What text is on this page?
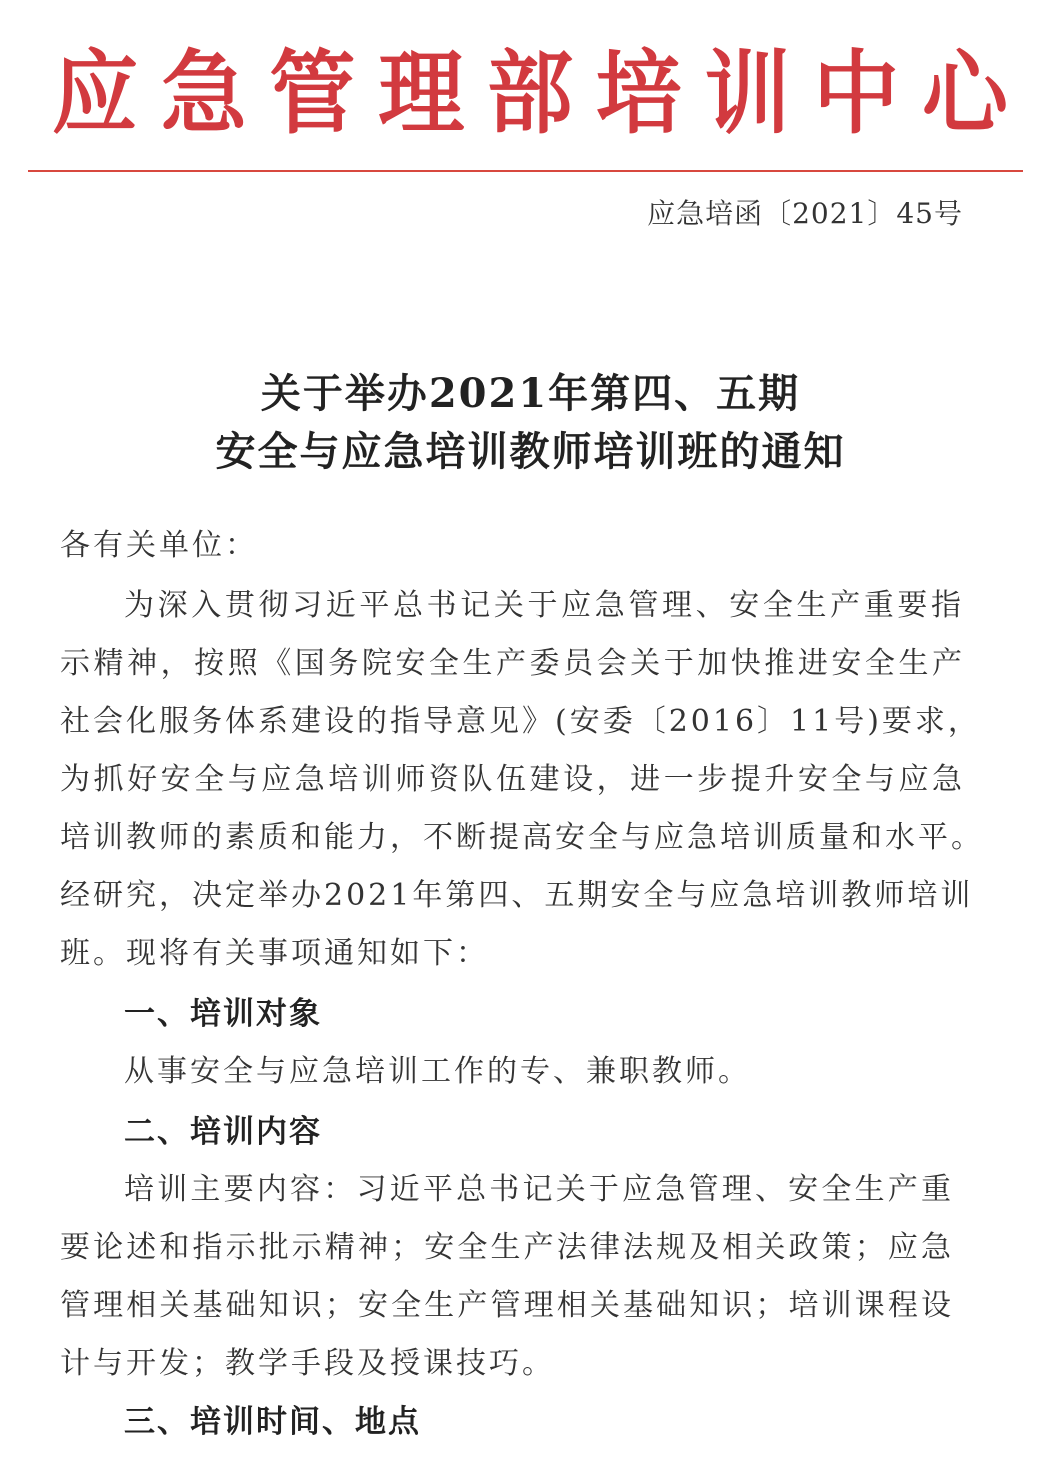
应 急 管 理 部 培 训 中 心
应急培函〔2021〕45号
关于举办2021年第四、五期
安全与应急培训教师培训班的通知
各有关单位：
为深入贯彻习近平总书记关于应急管理、安全生产重要指
示精神，按照《国务院安全生产委员会关于加快推进安全生产
社会化服务体系建设的指导意见》(安委〔2016〕11号)要求，
为抓好安全与应急培训师资队伍建设，进一步提升安全与应急
培训教师的素质和能力，不断提高安全与应急培训质量和水平。
经研究，决定举办2021年第四、五期安全与应急培训教师培训
班。现将有关事项通知如下：
一、培训对象
从事安全与应急培训工作的专、兼职教师。
二、培训内容
培训主要内容：习近平总书记关于应急管理、安全生产重
要论述和指示批示精神；安全生产法律法规及相关政策；应急
管理相关基础知识；安全生产管理相关基础知识；培训课程设
计与开发；教学手段及授课技巧。
三、培训时间、地点
